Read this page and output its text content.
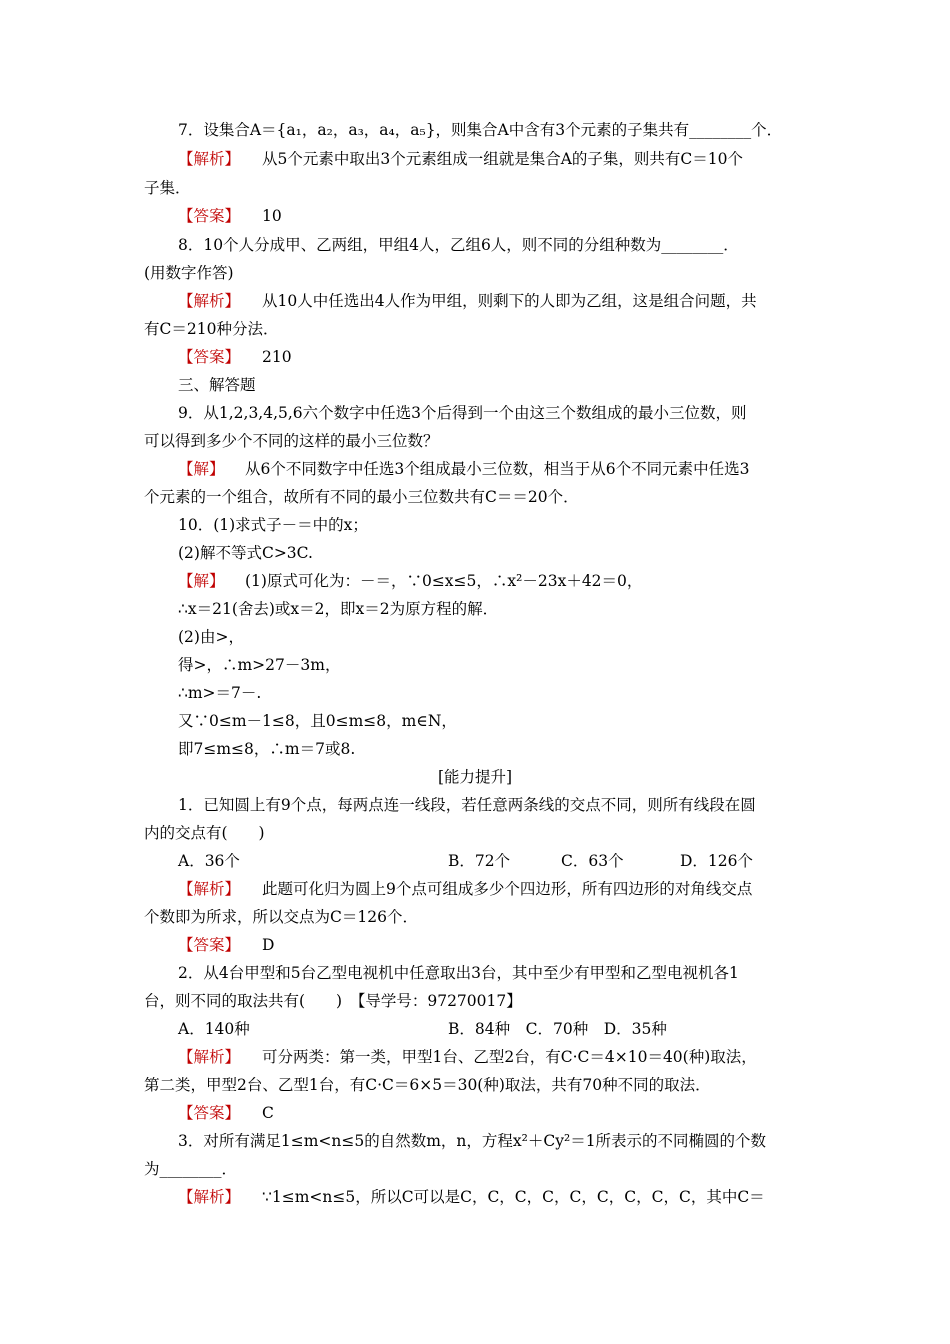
7．设集合A＝{a₁，a₂，a₃，a₄，a₅}，则集合A中含有3个元素的子集共有________个．
【解析】 从5个元素中取出3个元素组成一组就是集合A的子集，则共有C＝10个
子集．
【答案】 10
8．10个人分成甲、乙两组，甲组4人，乙组6人，则不同的分组种数为________．
(用数字作答)
【解析】 从10人中任选出4人作为甲组，则剩下的人即为乙组，这是组合问题，共
有C＝210种分法．
【答案】 210
三、解答题
9．从1,2,3,4,5,6六个数字中任选3个后得到一个由这三个数组成的最小三位数，则
可以得到多少个不同的这样的最小三位数？
【解】 从6个不同数字中任选3个组成最小三位数，相当于从6个不同元素中任选3
个元素的一个组合，故所有不同的最小三位数共有C＝＝20个．
10．(1)求式子－＝中的x；
(2)解不等式C>3C.
【解】 (1)原式可化为：－＝，∵0≤x≤5，∴x²－23x＋42＝0，
∴x＝21(舍去)或x＝2，即x＝2为原方程的解．
(2)由>，
得>，∴m>27－3m，
∴m>＝7－.
又∵0≤m－1≤8，且0≤m≤8，m∈N，
即7≤m≤8，∴m＝7或8.
[能力提升]
1．已知圆上有9个点，每两点连一线段，若任意两条线的交点不同，则所有线段在圆
内的交点有(　　)
A．36个	B．72个	C．63个	D．126个
【解析】 此题可化归为圆上9个点可组成多少个四边形，所有四边形的对角线交点
个数即为所求，所以交点为C＝126个．
【答案】 D
2．从4台甲型和5台乙型电视机中任意取出3台，其中至少有甲型和乙型电视机各1
台，则不同的取法共有(　　)　【导学号：97270017】
A．140种	B．84种　C．70种　D．35种
【解析】 可分两类：第一类，甲型1台、乙型2台，有C·C＝4×10＝40(种)取法，
第二类，甲型2台、乙型1台，有C·C＝6×5＝30(种)取法，共有70种不同的取法．
【答案】 C
3．对所有满足1≤m<n≤5的自然数m，n，方程x²＋Cy²＝1所表示的不同椭圆的个数
为________．
【解析】 ∵1≤m<n≤5，所以C可以是C，C，C，C，C，C，C，C，C，其中C＝
